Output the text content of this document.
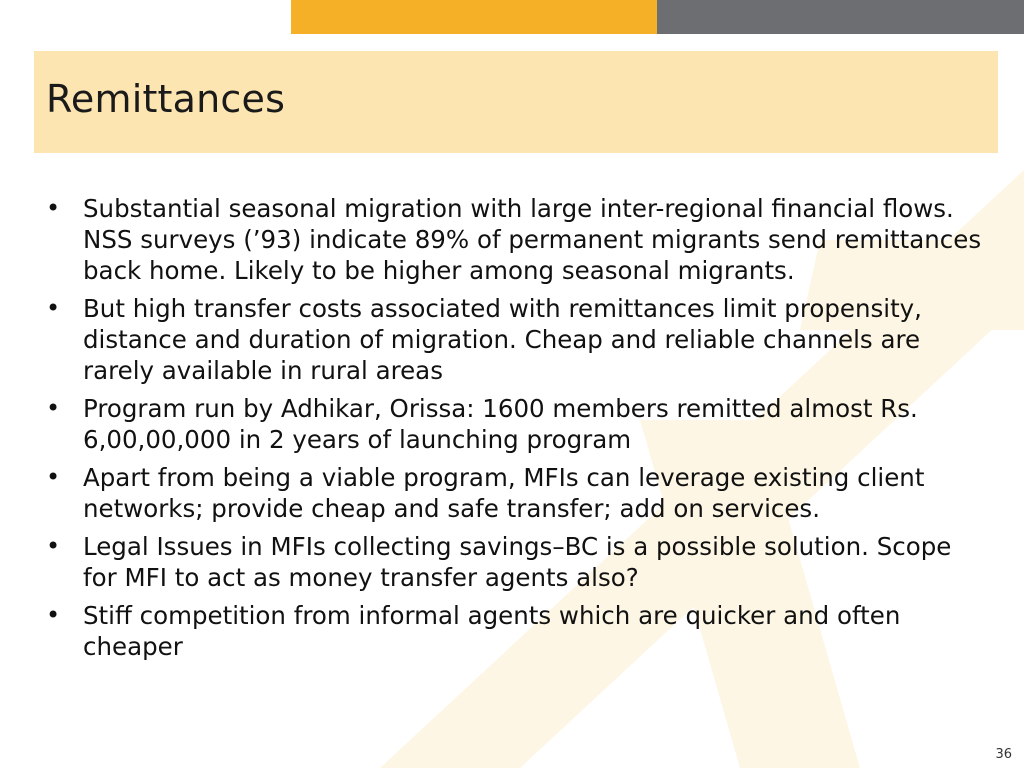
Remittances
• Substantial seasonal migration with large inter-regional financial flows. NSS surveys (’93) indicate 89% of permanent migrants send remittances back home. Likely to be higher among seasonal migrants.
• But high transfer costs associated with remittances limit propensity, distance and duration of migration. Cheap and reliable channels are rarely available in rural areas
• Program run by Adhikar, Orissa: 1600 members remitted almost Rs. 6,00,00,000 in 2 years of launching program
• Apart from being a viable program, MFIs can leverage existing client networks; provide cheap and safe transfer; add on services.
• Legal Issues in MFIs collecting savings–BC is a possible solution. Scope for MFI to act as money transfer agents also?
• Stiff competition from informal agents which are quicker and often cheaper
36
